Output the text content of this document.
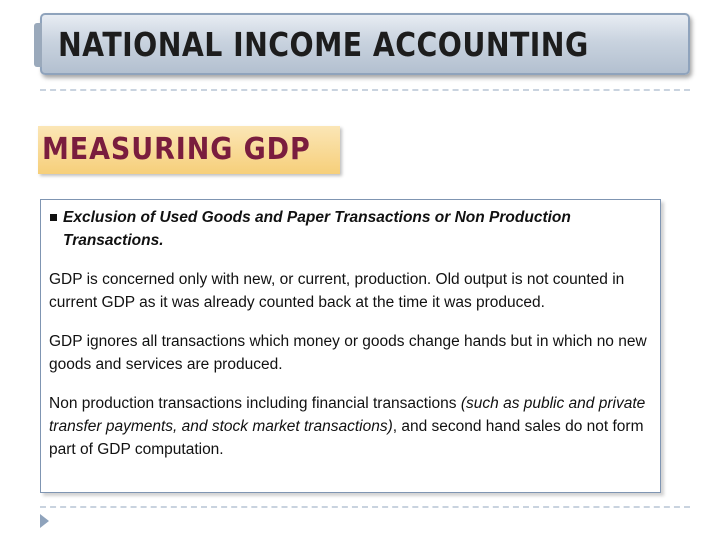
NATIONAL INCOME ACCOUNTING
MEASURING GDP
Exclusion of Used Goods and Paper Transactions or Non Production
Transactions.
GDP is concerned only with new, or current, production. Old output is not counted in current GDP as it was already counted back at the time it was produced.
GDP ignores all transactions which money or goods change hands but in which no new goods and services are produced.
Non production transactions including financial transactions (such as public and private transfer payments, and stock market transactions), and second hand sales do not form part of GDP computation.
